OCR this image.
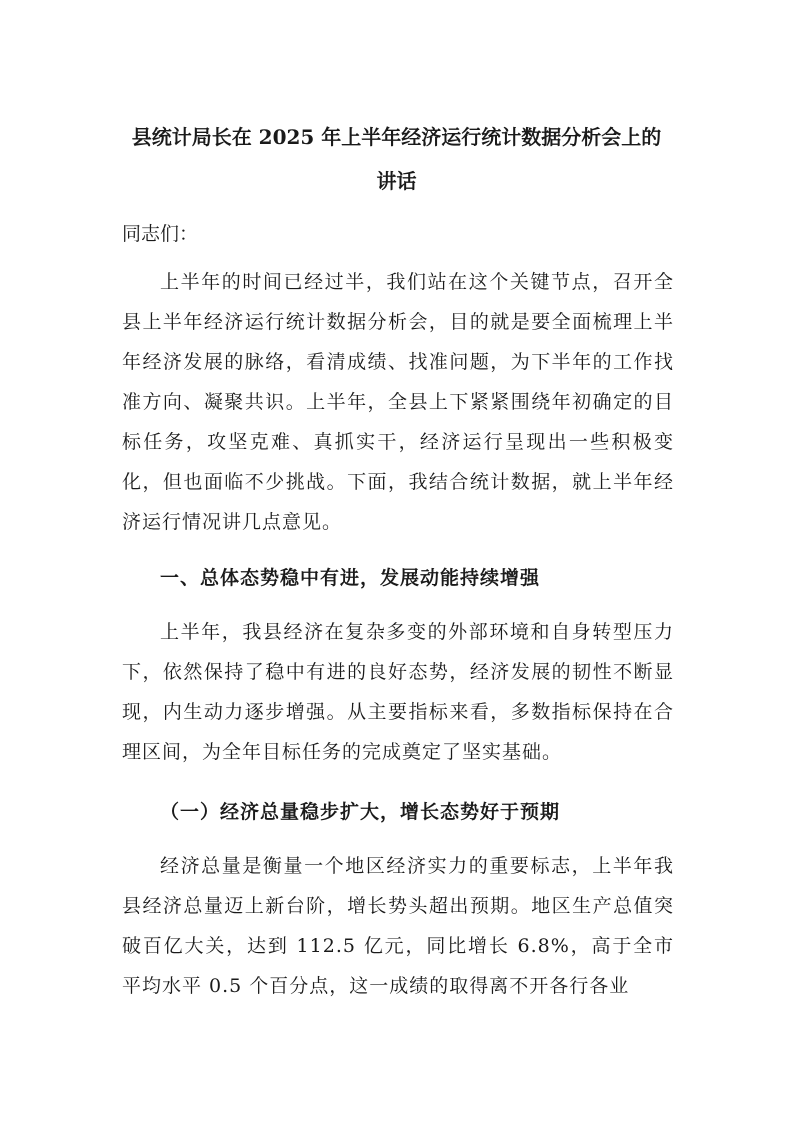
县统计局长在 2025 年上半年经济运行统计数据分析会上的
讲话

同志们：

上半年的时间已经过半，我们站在这个关键节点，召开全县上半年经济运行统计数据分析会，目的就是要全面梳理上半年经济发展的脉络，看清成绩、找准问题，为下半年的工作找准方向、凝聚共识。上半年，全县上下紧紧围绕年初确定的目标任务，攻坚克难、真抓实干，经济运行呈现出一些积极变化，但也面临不少挑战。下面，我结合统计数据，就上半年经济运行情况讲几点意见。

一、总体态势稳中有进，发展动能持续增强

上半年，我县经济在复杂多变的外部环境和自身转型压力下，依然保持了稳中有进的良好态势，经济发展的韧性不断显现，内生动力逐步增强。从主要指标来看，多数指标保持在合理区间，为全年目标任务的完成奠定了坚实基础。

（一）经济总量稳步扩大，增长态势好于预期

经济总量是衡量一个地区经济实力的重要标志，上半年我县经济总量迈上新台阶，增长势头超出预期。地区生产总值突破百亿大关，达到 112.5 亿元，同比增长 6.8%，高于全市平均水平 0.5 个百分点，这一成绩的取得离不开各行各业
